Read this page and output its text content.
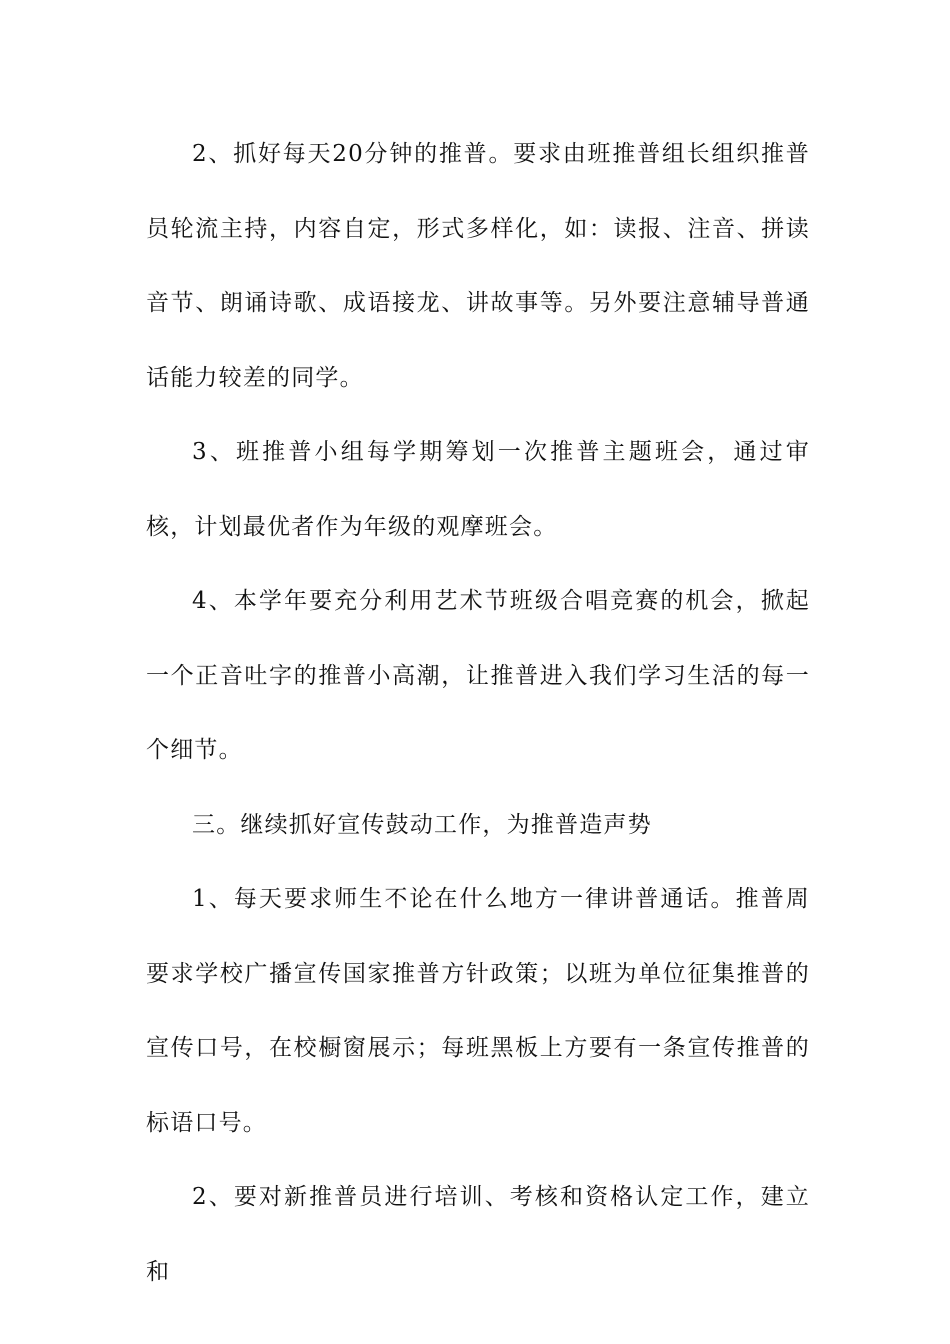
2、抓好每天20分钟的推普。要求由班推普组长组织推普员轮流主持，内容自定，形式多样化，如：读报、注音、拼读音节、朗诵诗歌、成语接龙、讲故事等。另外要注意辅导普通话能力较差的同学。

3、班推普小组每学期筹划一次推普主题班会，通过审核，计划最优者作为年级的观摩班会。

4、本学年要充分利用艺术节班级合唱竞赛的机会，掀起一个正音吐字的推普小高潮，让推普进入我们学习生活的每一个细节。

三。继续抓好宣传鼓动工作，为推普造声势

1、每天要求师生不论在什么地方一律讲普通话。推普周要求学校广播宣传国家推普方针政策；以班为单位征集推普的宣传口号，在校橱窗展示；每班黑板上方要有一条宣传推普的标语口号。

2、要对新推普员进行培训、考核和资格认定工作，建立和
